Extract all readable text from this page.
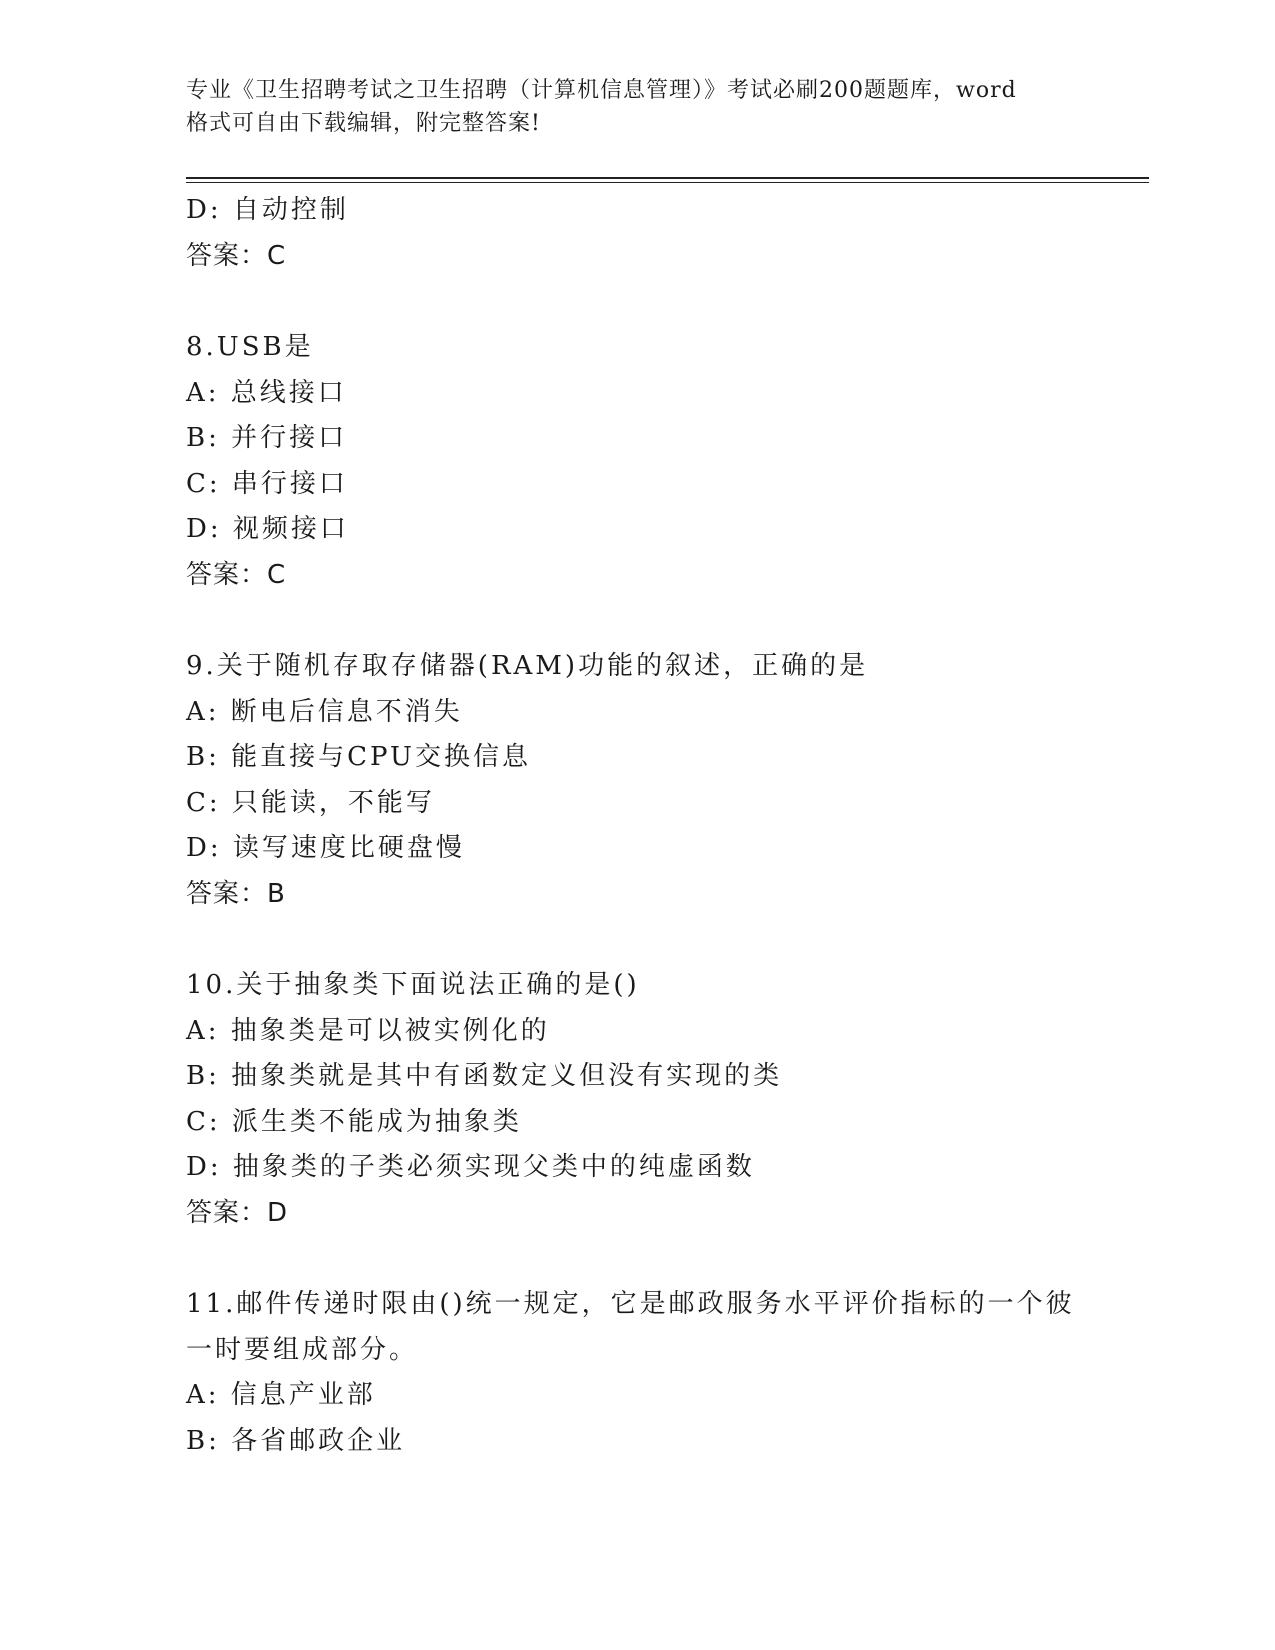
专业《卫生招聘考试之卫生招聘（计算机信息管理）》考试必刷200题题库，word
格式可自由下载编辑，附完整答案!
D: 自动控制
答案：C
8.USB是
A: 总线接口
B: 并行接口
C: 串行接口
D: 视频接口
答案：C
9.关于随机存取存储器(RAM)功能的叙述，正确的是
A: 断电后信息不消失
B: 能直接与CPU交换信息
C: 只能读，不能写
D: 读写速度比硬盘慢
答案：B
10.关于抽象类下面说法正确的是()
A: 抽象类是可以被实例化的
B: 抽象类就是其中有函数定义但没有实现的类
C: 派生类不能成为抽象类
D: 抽象类的子类必须实现父类中的纯虚函数
答案：D
11.邮件传递时限由()统一规定，它是邮政服务水平评价指标的一个彼
一时要组成部分。
A: 信息产业部
B: 各省邮政企业
